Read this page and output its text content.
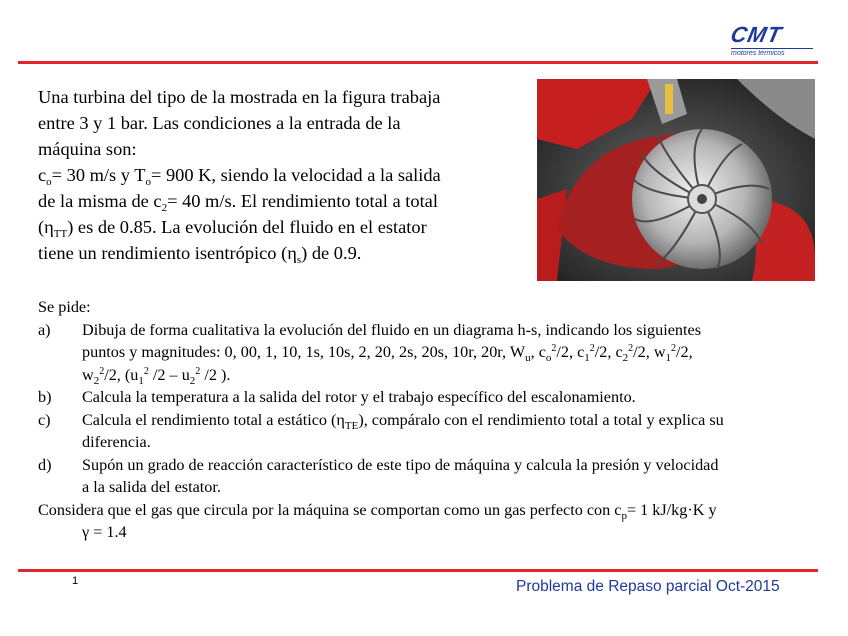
CMT
motores térmicos
Una turbina del tipo de la mostrada en la figura trabaja
entre 3 y 1 bar. Las condiciones a la entrada de la
máquina son:
$c_o= 30$ m/s y $T_o= 900$ K, siendo la velocidad a la salida
de la misma de $c_2= 40$ m/s. El rendimiento total a total
$(\eta_{TT})$ es de 0.85. La evolución del fluido en el estator
tiene un rendimiento isentrópico $(\eta_s)$ de 0.9.
Se pide:
a)	Dibuja de forma cualitativa la evolución del fluido en un diagrama h-s, indicando los siguientes
puntos y magnitudes: 0, 00, 1, 10, 1s, 10s, 2, 20, 2s, 20s, 10r, 20r, $W_u$, $c_o^2/2$, $c_1^2/2$, $c_2^2/2$, $w_1^2/2$,
$w_2^2/2$, ($u_1^2$ $/2 - u_2^2$ /2 ).
b)	Calcula la temperatura a la salida del rotor y el trabajo específico del escalonamiento.
c)	Calcula el rendimiento total a estático $(\eta_{TE})$, compáralo con el rendimiento total a total y explica su
diferencia.
d)	Supón un grado de reacción característico de este tipo de máquina y calcula la presión y velocidad
a la salida del estator.
Considera que el gas que circula por la máquina se comportan como un gas perfecto con $c_p= 1$ kJ/kg·K y
γ = 1.4
1	Problema de Repaso parcial Oct-2015
